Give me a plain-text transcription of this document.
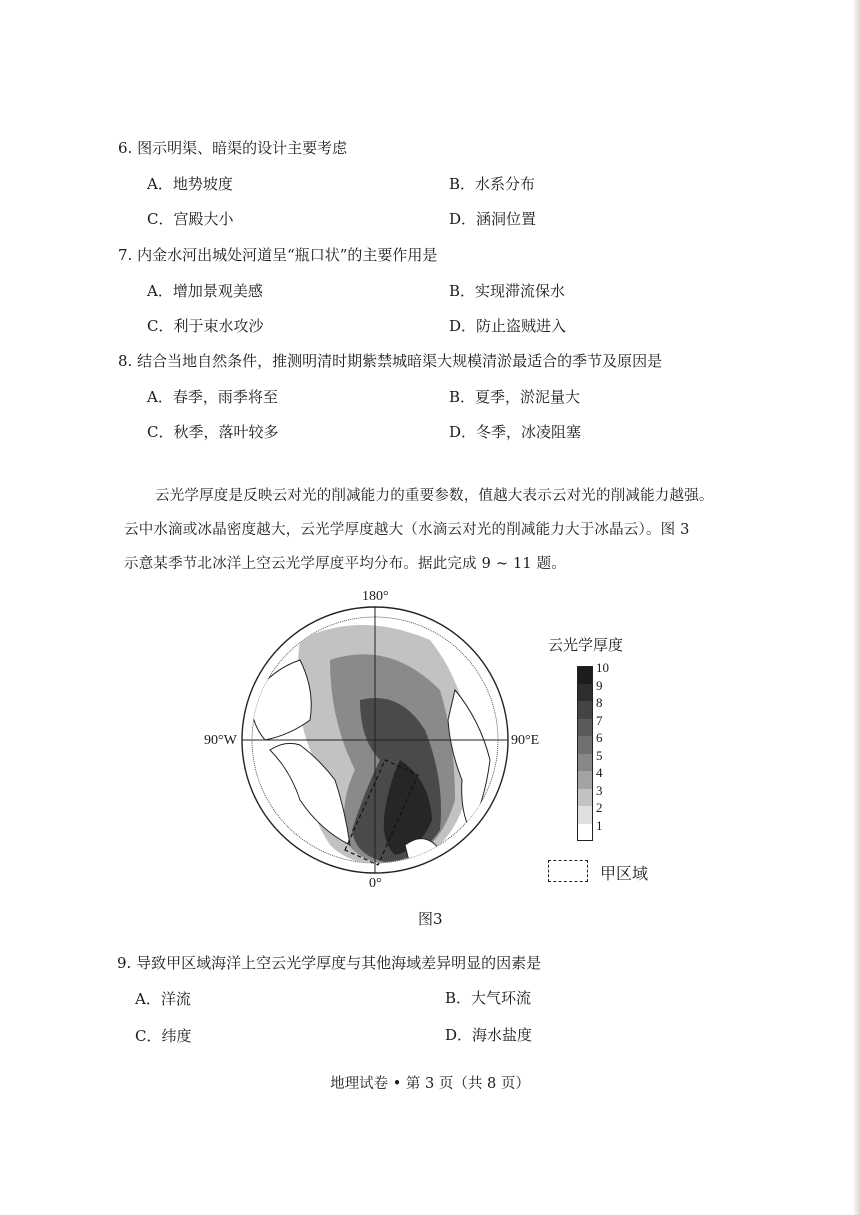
6. 图示明渠、暗渠的设计主要考虑
A．地势坡度	B．水系分布
C．宫殿大小	D．涵洞位置
7. 内金水河出城处河道呈“瓶口状”的主要作用是
A．增加景观美感	B．实现滞流保水
C．利于束水攻沙	D．防止盗贼进入
8. 结合当地自然条件，推测明清时期紫禁城暗渠大规模清淤最适合的季节及原因是
A．春季，雨季将至	B．夏季，淤泥量大
C．秋季，落叶较多	D．冬季，冰凌阻塞
云光学厚度是反映云对光的削减能力的重要参数，值越大表示云对光的削减能力越强。
云中水滴或冰晶密度越大，云光学厚度越大（水滴云对光的削减能力大于冰晶云）。图 3
示意某季节北冰洋上空云光学厚度平均分布。据此完成 9 ~ 11 题。
180°
0°
90°W	90°E
云光学厚度
10
9
8
7
6
5
4
3
2
1
甲区域
图3
9. 导致甲区域海洋上空云光学厚度与其他海域差异明显的因素是
A．洋流	B．大气环流
C．纬度	D．海水盐度
地理试卷 • 第 3 页（共 8 页）
